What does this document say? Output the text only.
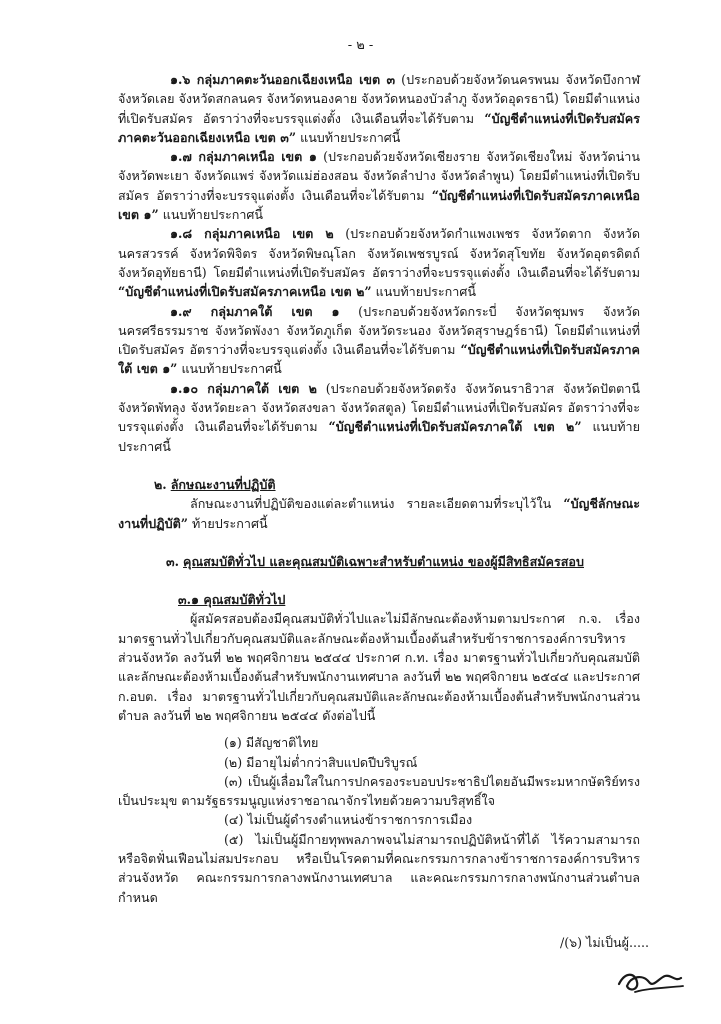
- ๒ -

๑.๖ กลุ่มภาคตะวันออกเฉียงเหนือ เขต ๓ (ประกอบด้วยจังหวัดนครพนม จังหวัดบึงกาฬ จังหวัดเลย จังหวัดสกลนคร จังหวัดหนองคาย จังหวัดหนองบัวลำภู จังหวัดอุดรธานี) โดยมีตำแหน่งที่เปิดรับสมัคร อัตราว่างที่จะบรรจุแต่งตั้ง เงินเดือนที่จะได้รับตาม “บัญชีตำแหน่งที่เปิดรับสมัครภาคตะวันออกเฉียงเหนือ เขต ๓” แนบท้ายประกาศนี้

๑.๗ กลุ่มภาคเหนือ เขต ๑ (ประกอบด้วยจังหวัดเชียงราย จังหวัดเชียงใหม่ จังหวัดน่าน จังหวัดพะเยา จังหวัดแพร่ จังหวัดแม่ฮ่องสอน จังหวัดลำปาง จังหวัดลำพูน) โดยมีตำแหน่งที่เปิดรับสมัคร อัตราว่างที่จะบรรจุแต่งตั้ง เงินเดือนที่จะได้รับตาม “บัญชีตำแหน่งที่เปิดรับสมัครภาคเหนือ เขต ๑” แนบท้ายประกาศนี้

๑.๘ กลุ่มภาคเหนือ เขต ๒ (ประกอบด้วยจังหวัดกำแพงเพชร จังหวัดตาก จังหวัดนครสวรรค์ จังหวัดพิจิตร จังหวัดพิษณุโลก จังหวัดเพชรบูรณ์ จังหวัดสุโขทัย จังหวัดอุตรดิตถ์ จังหวัดอุทัยธานี) โดยมีตำแหน่งที่เปิดรับสมัคร อัตราว่างที่จะบรรจุแต่งตั้ง เงินเดือนที่จะได้รับตาม “บัญชีตำแหน่งที่เปิดรับสมัครภาคเหนือ เขต ๒” แนบท้ายประกาศนี้

๑.๙ กลุ่มภาคใต้ เขต ๑ (ประกอบด้วยจังหวัดกระบี่ จังหวัดชุมพร จังหวัดนครศรีธรรมราช จังหวัดพังงา จังหวัดภูเก็ต จังหวัดระนอง จังหวัดสุราษฎร์ธานี) โดยมีตำแหน่งที่เปิดรับสมัคร อัตราว่างที่จะบรรจุแต่งตั้ง เงินเดือนที่จะได้รับตาม “บัญชีตำแหน่งที่เปิดรับสมัครภาคใต้ เขต ๑” แนบท้ายประกาศนี้

๑.๑๐ กลุ่มภาคใต้ เขต ๒ (ประกอบด้วยจังหวัดตรัง จังหวัดนราธิวาส จังหวัดปัตตานี จังหวัดพัทลุง จังหวัดยะลา จังหวัดสงขลา จังหวัดสตูล) โดยมีตำแหน่งที่เปิดรับสมัคร อัตราว่างที่จะบรรจุแต่งตั้ง เงินเดือนที่จะได้รับตาม “บัญชีตำแหน่งที่เปิดรับสมัครภาคใต้ เขต ๒” แนบท้ายประกาศนี้

๒. ลักษณะงานที่ปฏิบัติ

ลักษณะงานที่ปฏิบัติของแต่ละตำแหน่ง รายละเอียดตามที่ระบุไว้ใน “บัญชีลักษณะงานที่ปฏิบัติ” ท้ายประกาศนี้

๓. คุณสมบัติทั่วไป และคุณสมบัติเฉพาะสำหรับตำแหน่ง ของผู้มีสิทธิสมัครสอบ

๓.๑ คุณสมบัติทั่วไป

ผู้สมัครสอบต้องมีคุณสมบัติทั่วไปและไม่มีลักษณะต้องห้ามตามประกาศ ก.จ. เรื่อง มาตรฐานทั่วไปเกี่ยวกับคุณสมบัติและลักษณะต้องห้ามเบื้องต้นสำหรับข้าราชการองค์การบริหารส่วนจังหวัด ลงวันที่ ๒๒ พฤศจิกายน ๒๕๔๔ ประกาศ ก.ท. เรื่อง มาตรฐานทั่วไปเกี่ยวกับคุณสมบัติและลักษณะต้องห้ามเบื้องต้นสำหรับพนักงานเทศบาล ลงวันที่ ๒๒ พฤศจิกายน ๒๕๔๔ และประกาศ ก.อบต. เรื่อง มาตรฐานทั่วไปเกี่ยวกับคุณสมบัติและลักษณะต้องห้ามเบื้องต้นสำหรับพนักงานส่วนตำบล ลงวันที่ ๒๒ พฤศจิกายน ๒๕๔๔ ดังต่อไปนี้

(๑) มีสัญชาติไทย

(๒) มีอายุไม่ต่ำกว่าสิบแปดปีบริบูรณ์

(๓) เป็นผู้เลื่อมใสในการปกครองระบอบประชาธิปไตยอันมีพระมหากษัตริย์ทรงเป็นประมุข ตามรัฐธรรมนูญแห่งราชอาณาจักรไทยด้วยความบริสุทธิ์ใจ

(๔) ไม่เป็นผู้ดำรงตำแหน่งข้าราชการการเมือง

(๕) ไม่เป็นผู้มีกายทุพพลภาพจนไม่สามารถปฏิบัติหน้าที่ได้ ไร้ความสามารถ หรือจิตฟั่นเฟือนไม่สมประกอบ หรือเป็นโรคตามที่คณะกรรมการกลางข้าราชการองค์การบริหารส่วนจังหวัด คณะกรรมการกลางพนักงานเทศบาล และคณะกรรมการกลางพนักงานส่วนตำบลกำหนด

/(๖) ไม่เป็นผู้.....
